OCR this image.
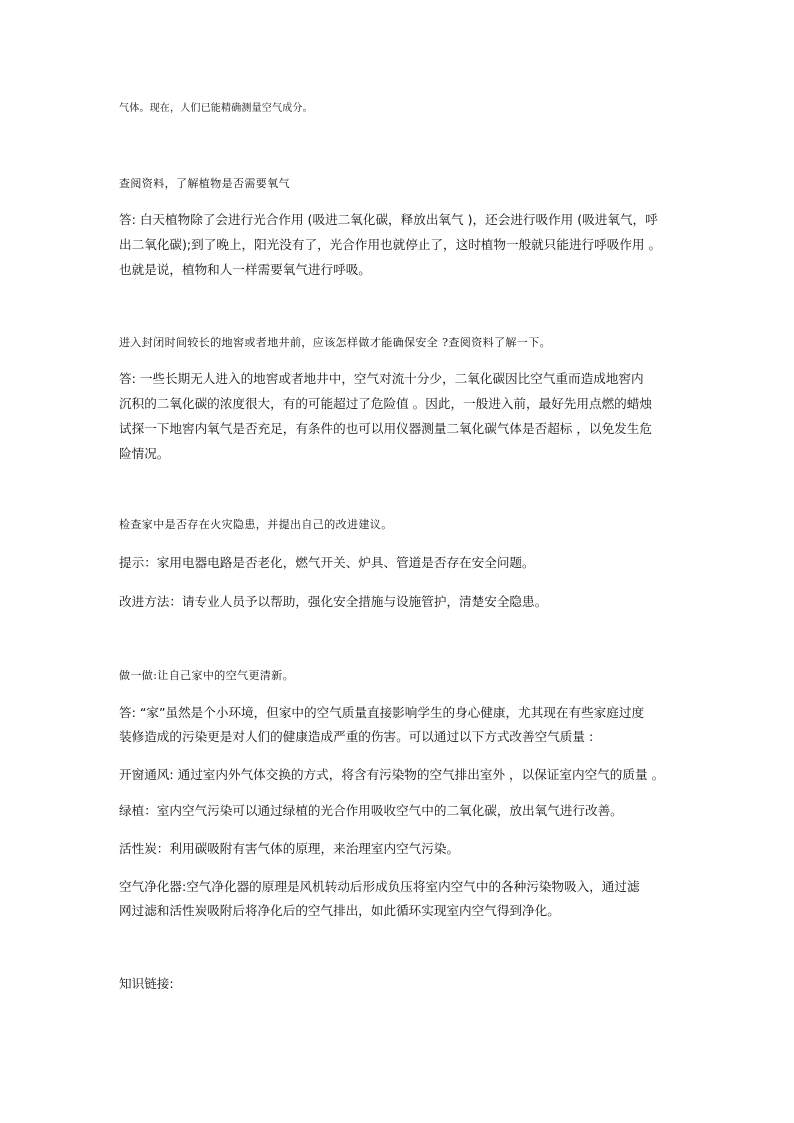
气体。现在，人们已能精确测量空气成分。
查阅资料，了解植物是否需要氧气
答: 白天植物除了会进行光合作用 (吸进二氧化碳，释放出氧气 )，还会进行吸作用 (吸进氧气，呼
出二氧化碳);到了晚上，阳光没有了，光合作用也就停止了，这时植物一般就只能进行呼吸作用 。
也就是说，植物和人一样需要氧气进行呼吸。
进入封闭时间较长的地窖或者地井前，应该怎样做才能确保安全 ?查阅资料了解一下。
答: 一些长期无人进入的地窖或者地井中，空气对流十分少，二氧化碳因比空气重而造成地窖内
沉积的二氧化碳的浓度很大，有的可能超过了危险值 。因此，一般进入前，最好先用点燃的蜡烛
试探一下地窖内氧气是否充足，有条件的也可以用仪器测量二氧化碳气体是否超标 ，以免发生危
险情况。
检查家中是否存在火灾隐患，并提出自己的改进建议。
提示：家用电器电路是否老化，燃气开关、炉具、管道是否存在安全问题。
改进方法：请专业人员予以帮助，强化安全措施与设施管护，清楚安全隐患。
做一做:让自己家中的空气更清新。
答: “家”虽然是个小环境，但家中的空气质量直接影响学生的身心健康，尤其现在有些家庭过度
装修造成的污染更是对人们的健康造成严重的伤害。可以通过以下方式改善空气质量 :
开窗通风: 通过室内外气体交换的方式，将含有污染物的空气排出室外 ，以保证室内空气的质量 。
绿植：室内空气污染可以通过绿植的光合作用吸收空气中的二氧化碳，放出氧气进行改善。
活性炭：利用碳吸附有害气体的原理，来治理室内空气污染。
空气净化器:空气净化器的原理是风机转动后形成负压将室内空气中的各种污染物吸入，通过滤
网过滤和活性炭吸附后将净化后的空气排出，如此循环实现室内空气得到净化。
知识链接:
